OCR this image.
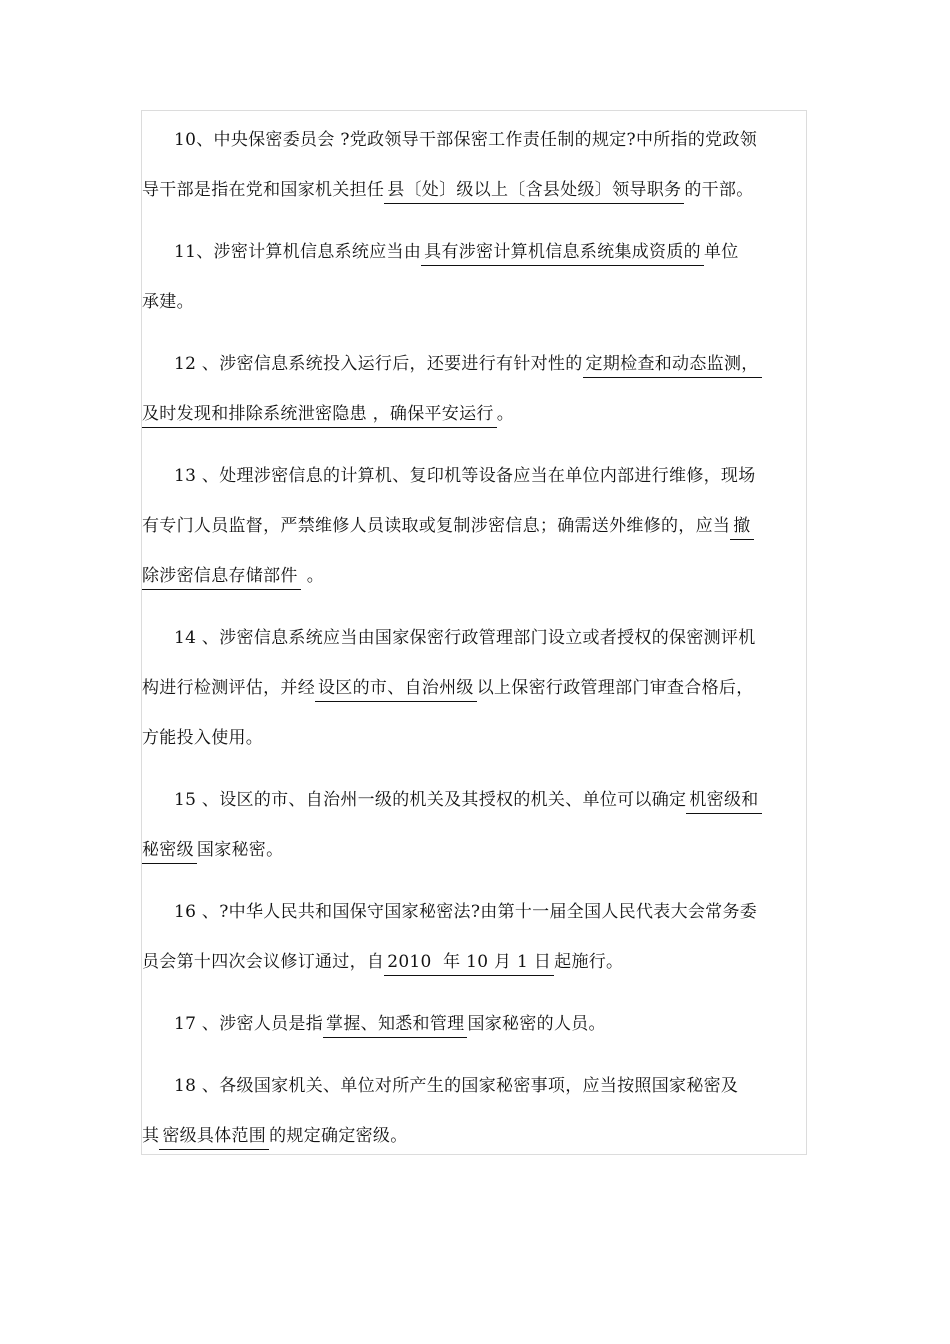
10、中央保密委员会 ?党政领导干部保密工作责任制的规定?中所指的党政领
导干部是指在党和国家机关担任 县〔处〕级以上〔含县处级〕领导职务 的干部。
11、涉密计算机信息系统应当由 具有涉密计算机信息系统集成资质的 单位
承建。
12 、涉密信息系统投入运行后，还要进行有针对性的 定期检查和动态监测，
及时发现和排除系统泄密隐患 ，确保平安运行 。
13 、处理涉密信息的计算机、复印机等设备应当在单位内部进行维修，现场
有专门人员监督，严禁维修人员读取或复制涉密信息；确需送外维修的，应当 撤
除涉密信息存储部件 。
14 、涉密信息系统应当由国家保密行政管理部门设立或者授权的保密测评机
构进行检测评估，并经 设区的市、自治州级 以上保密行政管理部门审查合格后，
方能投入使用。
15 、设区的市、自治州一级的机关及其授权的机关、单位可以确定 机密级和
秘密级 国家秘密。
16 、?中华人民共和国保守国家秘密法?由第十一届全国人民代表大会常务委
员会第十四次会议修订通过，自 2010  年 10 月 1 日 起施行。
17 、涉密人员是指 掌握、知悉和管理 国家秘密的人员。
18 、各级国家机关、单位对所产生的国家秘密事项，应当按照国家秘密及
其 密级具体范围 的规定确定密级。
